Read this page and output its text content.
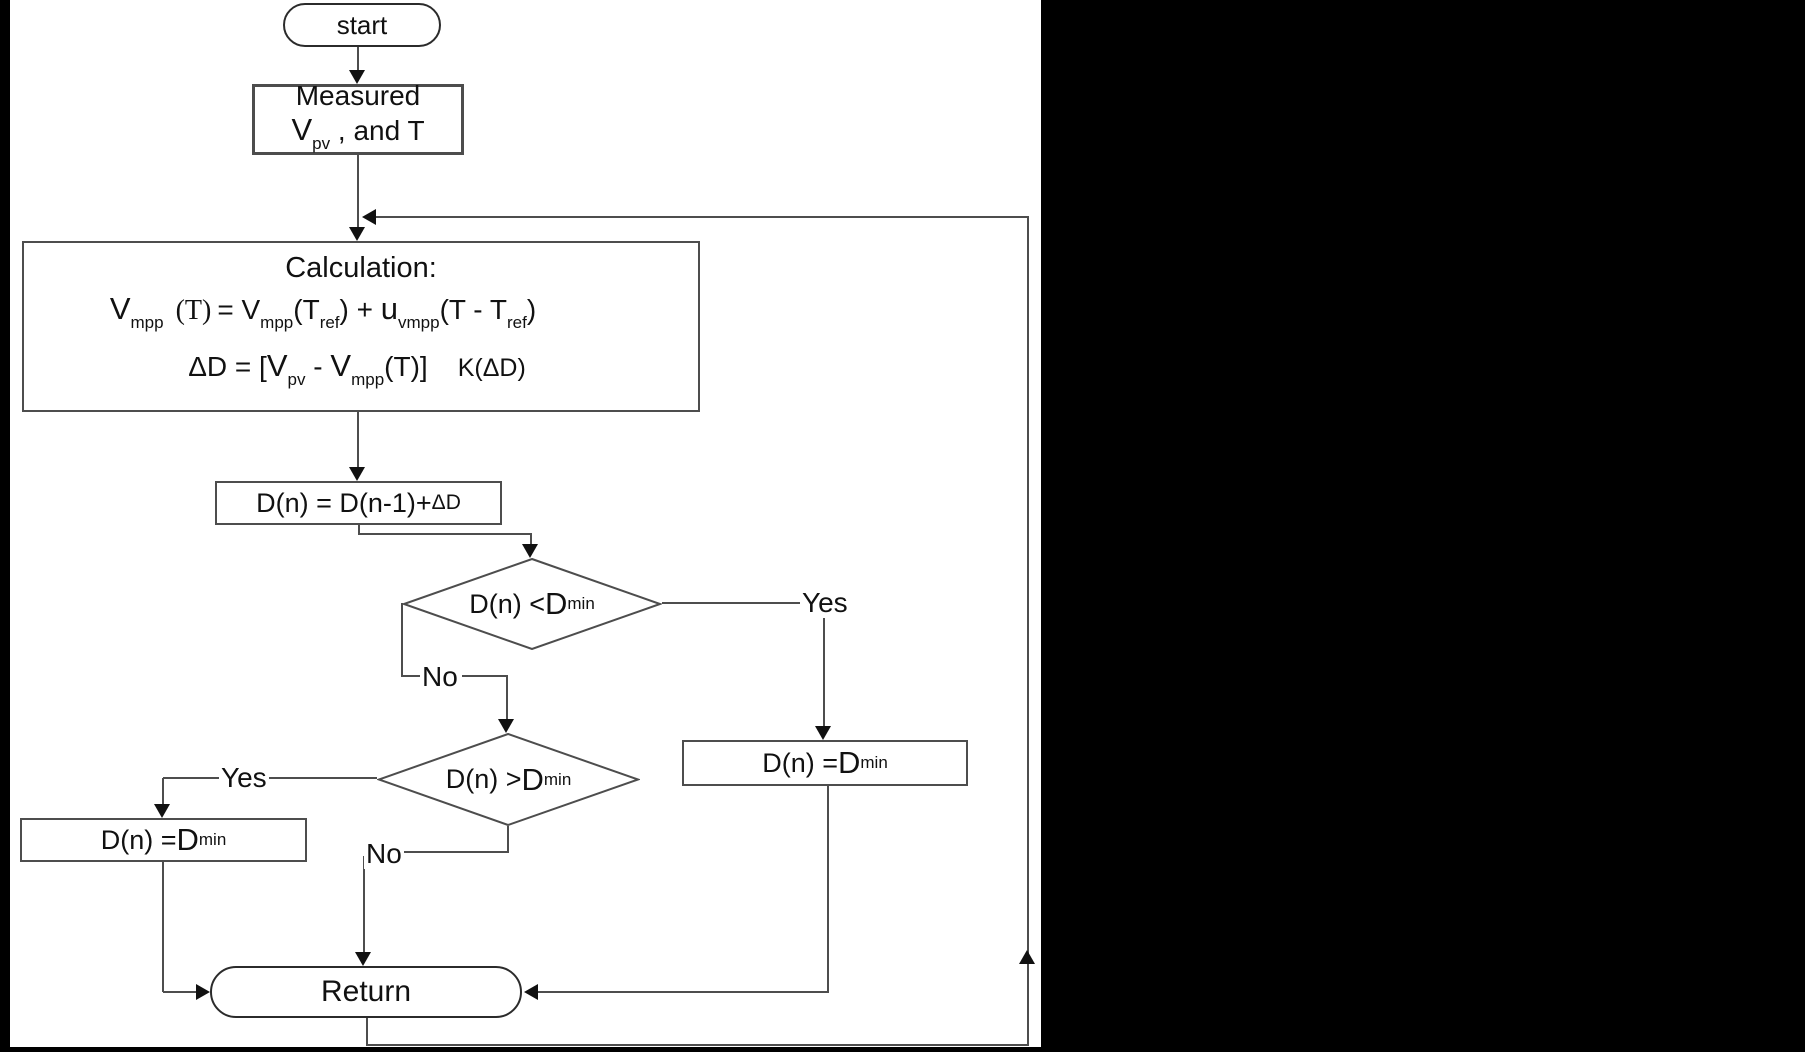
start
Measured
$V_{pv}$ , and T
Calculation:
$V_{mpp}$ $(T) = V_{mpp}(T_{ref}) + u_{vmpp}(T - T_{ref})$
$\Delta D = [V_{pv} - V_{mpp}(T)]$ K(ΔD)
D(n) = D(n-1)+ ΔD
D(n) < D min
D(n) > D min
D(n) = D min
D(n) = D min
Return
Yes
No
Yes
No
